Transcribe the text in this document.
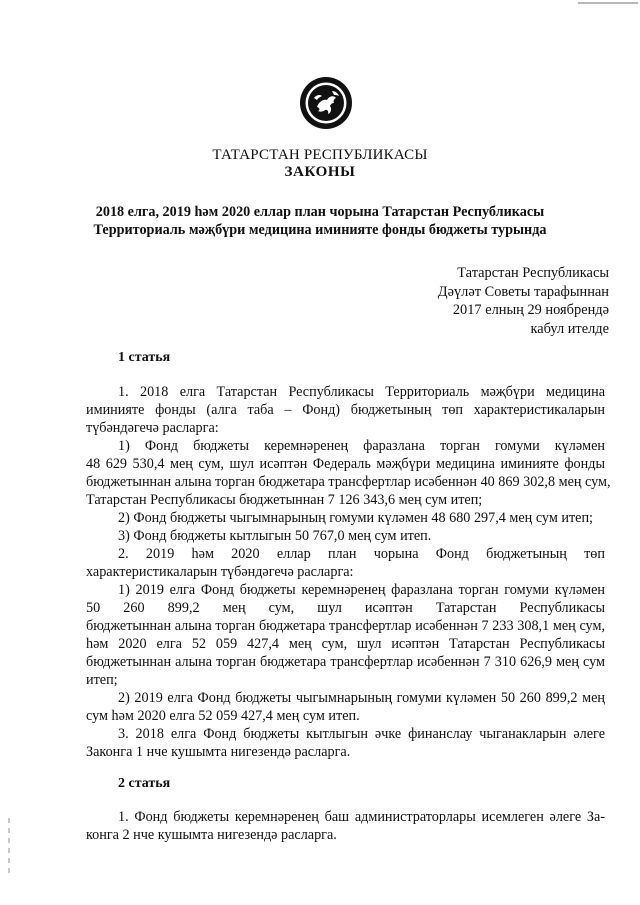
ТАТАРСТАН РЕСПУБЛИКАСЫ
ЗАКОНЫ
2018 елга, 2019 һәм 2020 еллар план чорына Татарстан Республикасы
Территориаль мәҗбүри медицина иминияте фонды бюджеты турында
Татарстан Республикасы
Дәүләт Советы тарафыннан
2017 елның 29 ноябрендә
кабул ителде
1 статья
1. 2018 елга Татарстан Республикасы Территориаль мәҗбүри медицина
иминияте фонды (алга таба – Фонд) бюджетының төп характеристикаларын
түбәндәгечә расларга:
1) Фонд бюджеты керемнәренең фаразлана торган гомуми күләмен
48 629 530,4 мең сум, шул исәптән Федераль мәҗбүри медицина иминияте фонды
бюджетыннан алына торган бюджетара трансфертлар исәбеннән 40 869 302,8 мең сум,
Татарстан Республикасы бюджетыннан 7 126 343,6 мең сум итеп;
2) Фонд бюджеты чыгымнарының гомуми күләмен 48 680 297,4 мең сум итеп;
3) Фонд бюджеты кытлыгын 50 767,0 мең сум итеп.
2. 2019 һәм 2020 еллар план чорына Фонд бюджетының төп
характеристикаларын түбәндәгечә расларга:
1) 2019 елга Фонд бюджеты керемнәренең фаразлана торган гомуми күләмен
50 260 899,2 мең сум, шул исәптән Татарстан Республикасы
бюджетыннан алына торган бюджетара трансфертлар исәбеннән 7 233 308,1 мең сум,
һәм 2020 елга 52 059 427,4 мең сум, шул исәптән Татарстан Республикасы
бюджетыннан алына торган бюджетара трансфертлар исәбеннән 7 310 626,9 мең сум
итеп;
2) 2019 елга Фонд бюджеты чыгымнарының гомуми күләмен 50 260 899,2 мең
сум һәм 2020 елга 52 059 427,4 мең сум итеп.
3. 2018 елга Фонд бюджеты кытлыгын әчке финанслау чыганакларын әлеге
Законга 1 нче кушымта нигезендә расларга.
2 статья
1. Фонд бюджеты керемнәренең баш администраторлары исемлеген әлеге За-
конга 2 нче кушымта нигезендә расларга.
